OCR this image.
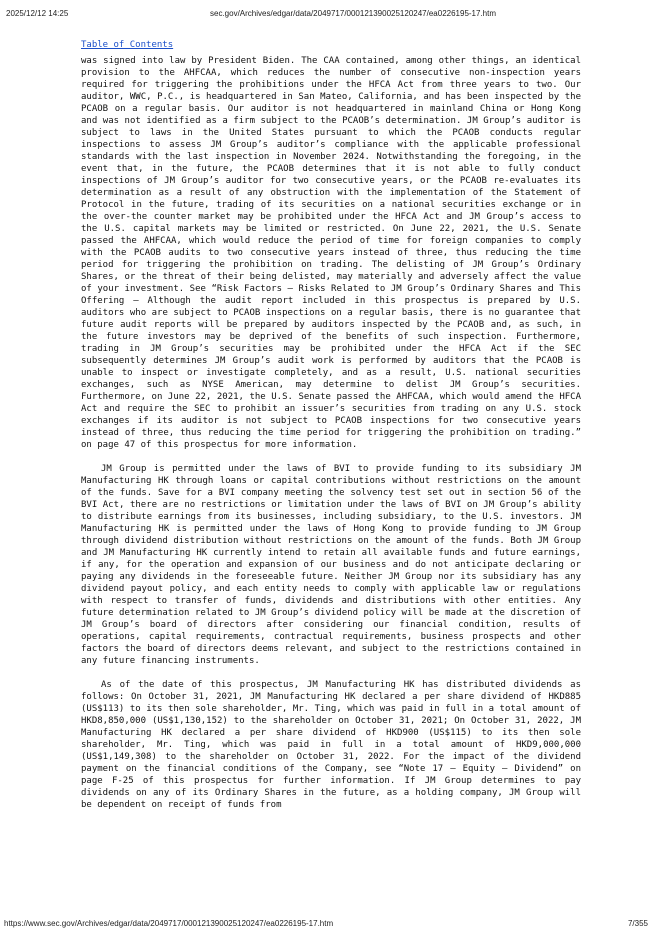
2025/12/12 14:25	sec.gov/Archives/edgar/data/2049717/000121390025120247/ea0226195-17.htm
Table of Contents

was signed into law by President Biden. The CAA contained, among other things, an identical provision to the AHFCAA, which reduces the number of consecutive non-inspection years required for triggering the prohibitions under the HFCA Act from three years to two. Our auditor, WWC, P.C., is headquartered in San Mateo, California, and has been inspected by the PCAOB on a regular basis. Our auditor is not headquartered in mainland China or Hong Kong and was not identified as a firm subject to the PCAOB’s determination. JM Group’s auditor is subject to laws in the United States pursuant to which the PCAOB conducts regular inspections to assess JM Group’s auditor’s compliance with the applicable professional standards with the last inspection in November 2024. Notwithstanding the foregoing, in the event that, in the future, the PCAOB determines that it is not able to fully conduct inspections of JM Group’s auditor for two consecutive years, or the PCAOB re-evaluates its determination as a result of any obstruction with the implementation of the Statement of Protocol in the future, trading of its securities on a national securities exchange or in the over-the counter market may be prohibited under the HFCA Act and JM Group’s access to the U.S. capital markets may be limited or restricted. On June 22, 2021, the U.S. Senate passed the AHFCAA, which would reduce the period of time for foreign companies to comply with the PCAOB audits to two consecutive years instead of three, thus reducing the time period for triggering the prohibition on trading. The delisting of JM Group’s Ordinary Shares, or the threat of their being delisted, may materially and adversely affect the value of your investment. See “Risk Factors — Risks Related to JM Group’s Ordinary Shares and This Offering — Although the audit report included in this prospectus is prepared by U.S. auditors who are subject to PCAOB inspections on a regular basis, there is no guarantee that future audit reports will be prepared by auditors inspected by the PCAOB and, as such, in the future investors may be deprived of the benefits of such inspection. Furthermore, trading in JM Group’s securities may be prohibited under the HFCA Act if the SEC subsequently determines JM Group’s audit work is performed by auditors that the PCAOB is unable to inspect or investigate completely, and as a result, U.S. national securities exchanges, such as NYSE American, may determine to delist JM Group’s securities. Furthermore, on June 22, 2021, the U.S. Senate passed the AHFCAA, which would amend the HFCA Act and require the SEC to prohibit an issuer’s securities from trading on any U.S. stock exchanges if its auditor is not subject to PCAOB inspections for two consecutive years instead of three, thus reducing the time period for triggering the prohibition on trading.” on page 47 of this prospectus for more information.

JM Group is permitted under the laws of BVI to provide funding to its subsidiary JM Manufacturing HK through loans or capital contributions without restrictions on the amount of the funds. Save for a BVI company meeting the solvency test set out in section 56 of the BVI Act, there are no restrictions or limitation under the laws of BVI on JM Group’s ability to distribute earnings from its businesses, including subsidiary, to the U.S. investors. JM Manufacturing HK is permitted under the laws of Hong Kong to provide funding to JM Group through dividend distribution without restrictions on the amount of the funds. Both JM Group and JM Manufacturing HK currently intend to retain all available funds and future earnings, if any, for the operation and expansion of our business and do not anticipate declaring or paying any dividends in the foreseeable future. Neither JM Group nor its subsidiary has any dividend payout policy, and each entity needs to comply with applicable law or regulations with respect to transfer of funds, dividends and distributions with other entities. Any future determination related to JM Group’s dividend policy will be made at the discretion of JM Group’s board of directors after considering our financial condition, results of operations, capital requirements, contractual requirements, business prospects and other factors the board of directors deems relevant, and subject to the restrictions contained in any future financing instruments.

As of the date of this prospectus, JM Manufacturing HK has distributed dividends as follows: On October 31, 2021, JM Manufacturing HK declared a per share dividend of HKD885 (US$113) to its then sole shareholder, Mr. Ting, which was paid in full in a total amount of HKD8,850,000 (US$1,130,152) to the shareholder on October 31, 2021; On October 31, 2022, JM Manufacturing HK declared a per share dividend of HKD900 (US$115) to its then sole shareholder, Mr. Ting, which was paid in full in a total amount of HKD9,000,000 (US$1,149,308) to the shareholder on October 31, 2022. For the impact of the dividend payment on the financial conditions of the Company, see “Note 17 — Equity — Dividend” on page F-25 of this prospectus for further information. If JM Group determines to pay dividends on any of its Ordinary Shares in the future, as a holding company, JM Group will be dependent on receipt of funds from

https://www.sec.gov/Archives/edgar/data/2049717/000121390025120247/ea0226195-17.htm	7/355
